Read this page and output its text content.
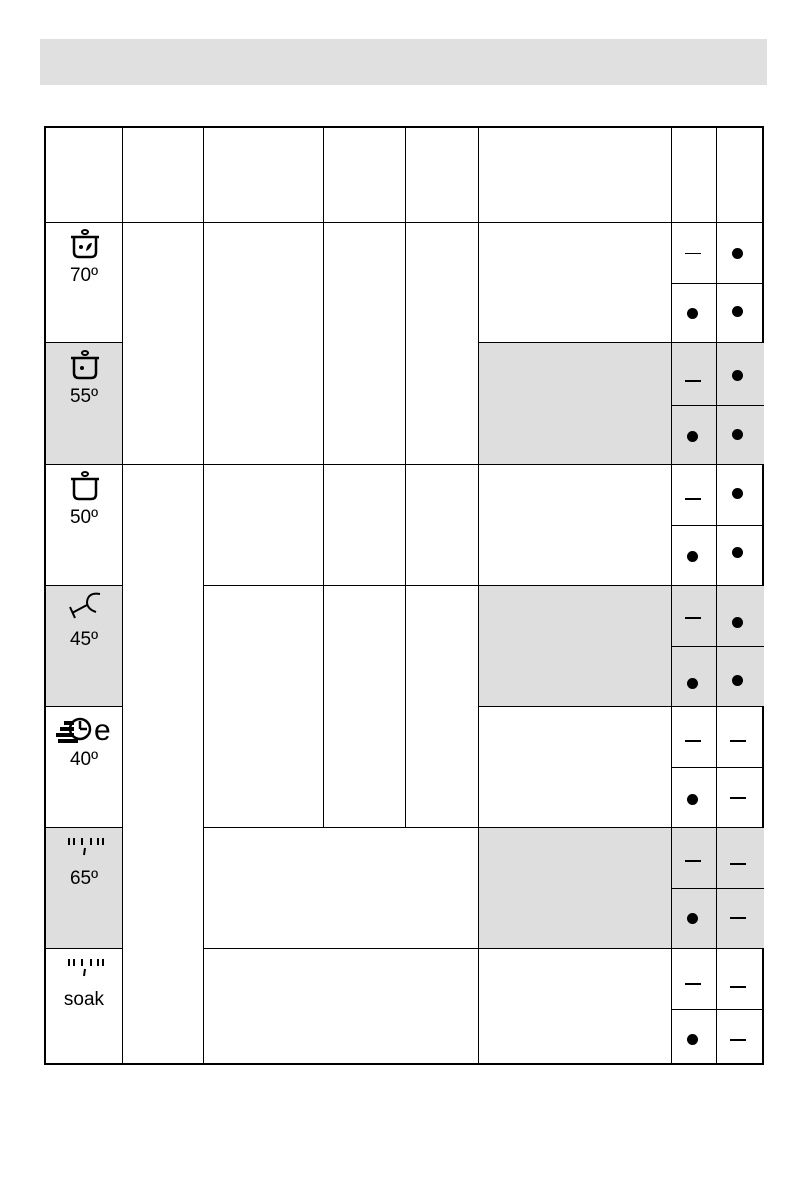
70º
55º
50º
45º
e
40º
65º
soak
